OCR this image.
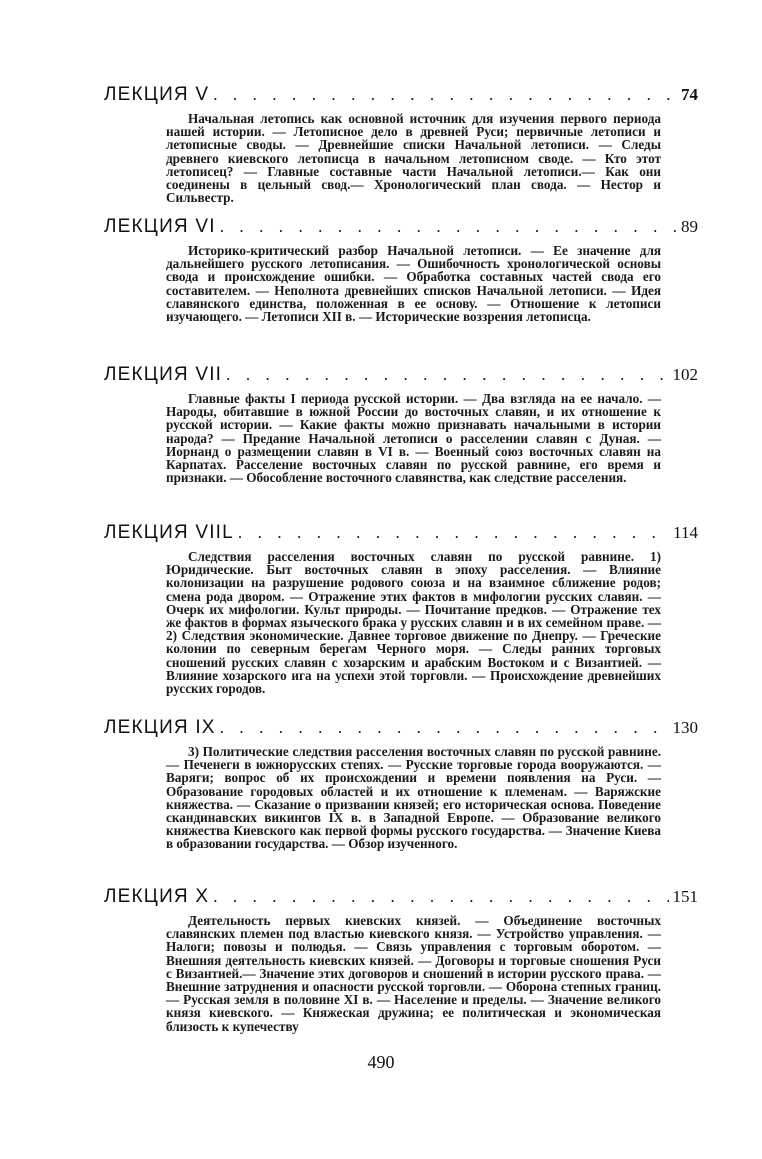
ЛЕКЦИЯ V . . .	74

Начальная летопись как основной источник для изучения первого периода нашей истории. — Летописное дело в древней Руси; первичные летописи и летописные своды. — Древнейшие списки Начальной летописи. — Следы древнего киевского летописца в начальном летописном своде. — Кто этот летописец? — Главные составные части Начальной летописи.— Как они соединены в цельный свод.— Хронологический план свода. — Нестор и Сильвестр.

ЛЕКЦИЯ VI . . .	89

Историко-критический разбор Начальной летописи. — Ее значение для дальнейшего русского летописания. — Ошибочность хронологической основы свода и происхождение ошибки. — Обработка составных частей свода его составителем. — Неполнота древнейших списков Начальной летописи. — Идея славянского единства, положенная в ее основу. — Отношение к летописи изучающего. — Летописи XII в. — Исторические воззрения летописца.

ЛЕКЦИЯ VII . . .	102

Главные факты I периода русской истории. — Два взгляда на ее начало. — Народы, обитавшие в южной России до восточных славян, и их отношение к русской истории. — Какие факты можно признавать начальными в истории народа? — Предание Начальной летописи о расселении славян с Дуная. — Иорнанд о размещении славян в VI в. — Военный союз восточных славян на Карпатах. Расселение восточных славян по русской равнине, его время и признаки. — Обособление восточного славянства, как следствие расселения.

ЛЕКЦИЯ VIIL . . .	114

Следствия расселения восточных славян по русской равнине. 1) Юридические. Быт восточных славян в эпоху расселения. — Влияние колонизации на разрушение родового союза и на взаимное сближение родов; смена рода двором. — Отражение этих фактов в мифологии русских славян. — Очерк их мифологии. Культ природы. — Почитание предков. — Отражение тех же фактов в формах языческого брака у русских славян и в их семейном праве. — 2) Следствия экономические. Давнее торговое движение по Днепру. — Греческие колонии по северным берегам Черного моря. — Следы ранних торговых сношений русских славян с хозарским и арабским Востоком и с Византией. — Влияние хозарского ига на успехи этой торговли. — Происхождение древнейших русских городов.

ЛЕКЦИЯ IX . . .	130

3) Политические следствия расселения восточных славян по русской равнине. — Печенеги в южнорусских степях. — Русские торговые города вооружаются. — Варяги; вопрос об их происхождении и времени появления на Руси. — Образование городовых областей и их отношение к племенам. — Варяжские княжества. — Сказание о призвании князей; его историческая основа. Поведение скандинавских викингов IX в. в Западной Европе. — Образование великого княжества Киевского как первой формы русского государства. — Значение Киева в образовании государства. — Обзор изученного.

ЛЕКЦИЯ X . . .	151

Деятельность первых киевских князей. — Объединение восточных славянских племен под властью киевского князя. — Устройство управления. — Налоги; повозы и полюдья. — Связь управления с торговым оборотом. — Внешняя деятельность киевских князей. — Договоры и торговые сношения Руси с Византией.— Значение этих договоров и сношений в истории русского права. — Внешние затруднения и опасности русской торговли. — Оборона степных границ. — Русская земля в половине XI в. — Население и пределы. — Значение великого князя киевского. — Княжеская дружина; ее политическая и экономическая близость к купечеству

490
